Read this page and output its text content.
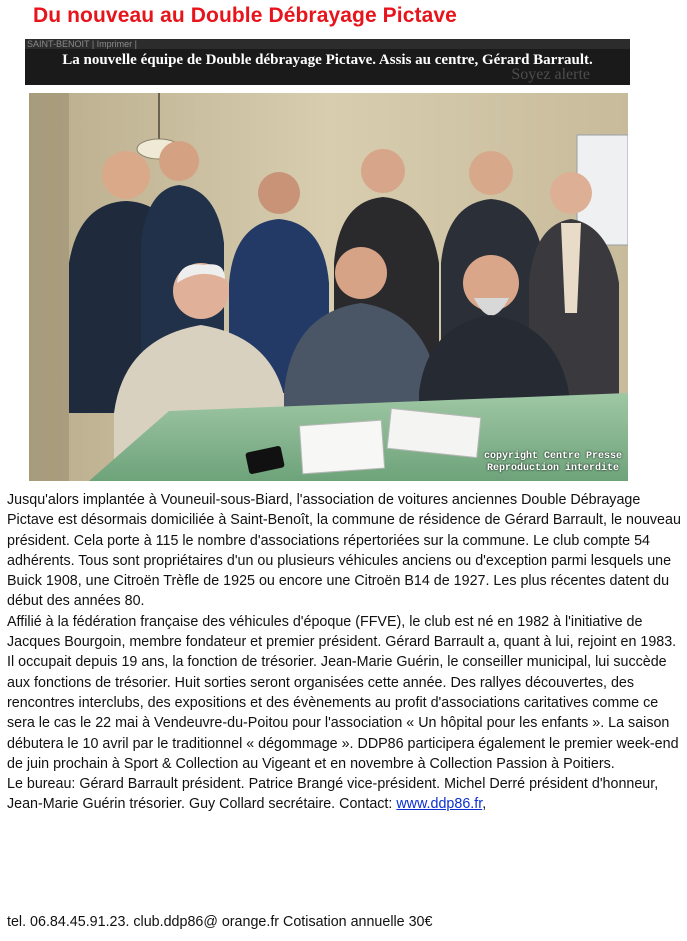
Du nouveau au Double Débrayage Pictave
SAINT-BENOIT | Imprimer |
Soyez alerte
La nouvelle équipe de Double débrayage Pictave. Assis au centre, Gérard Barrault.
copyright Centre Presse
Reproduction interdite

Jusqu'alors implantée à Vouneuil-sous-Biard, l'association de voitures anciennes Double Débrayage Pictave est désormais domiciliée à Saint-Benoît, la commune de résidence de Gérard Barrault, le nouveau président. Cela porte à 115 le nombre d'associations répertoriées sur la commune. Le club compte 54 adhérents. Tous sont propriétaires d'un ou plusieurs véhicules anciens ou d'exception parmi lesquels une Buick 1908, une Citroën Trèfle de 1925 ou encore une Citroën B14 de 1927. Les plus récentes datent du début des années 80.

Affilié à la fédération française des véhicules d'époque (FFVE), le club est né en 1982 à l'initiative de Jacques Bourgoin, membre fondateur et premier président. Gérard Barrault a, quant à lui, rejoint en 1983. Il occupait depuis 19 ans, la fonction de trésorier. Jean-Marie Guérin, le conseiller municipal, lui succède aux fonctions de trésorier. Huit sorties seront organisées cette année. Des rallyes découvertes, des rencontres interclubs, des expositions et des évènements au profit d'associations caritatives comme ce sera le cas le 22 mai à Vendeuvre-du-Poitou pour l'association « Un hôpital pour les enfants ». La saison débutera le 10 avril par le traditionnel « dégommage ». DDP86 participera également le premier week-end de juin prochain à Sport & Collection au Vigeant et en novembre à Collection Passion à Poitiers.

Le bureau: Gérard Barrault président. Patrice Brangé vice-président. Michel Derré président d'honneur, Jean-Marie Guérin trésorier. Guy Collard secrétaire. Contact: www.ddp86.fr,

tel. 06.84.45.91.23. club.ddp86@ orange.fr Cotisation annuelle 30€
